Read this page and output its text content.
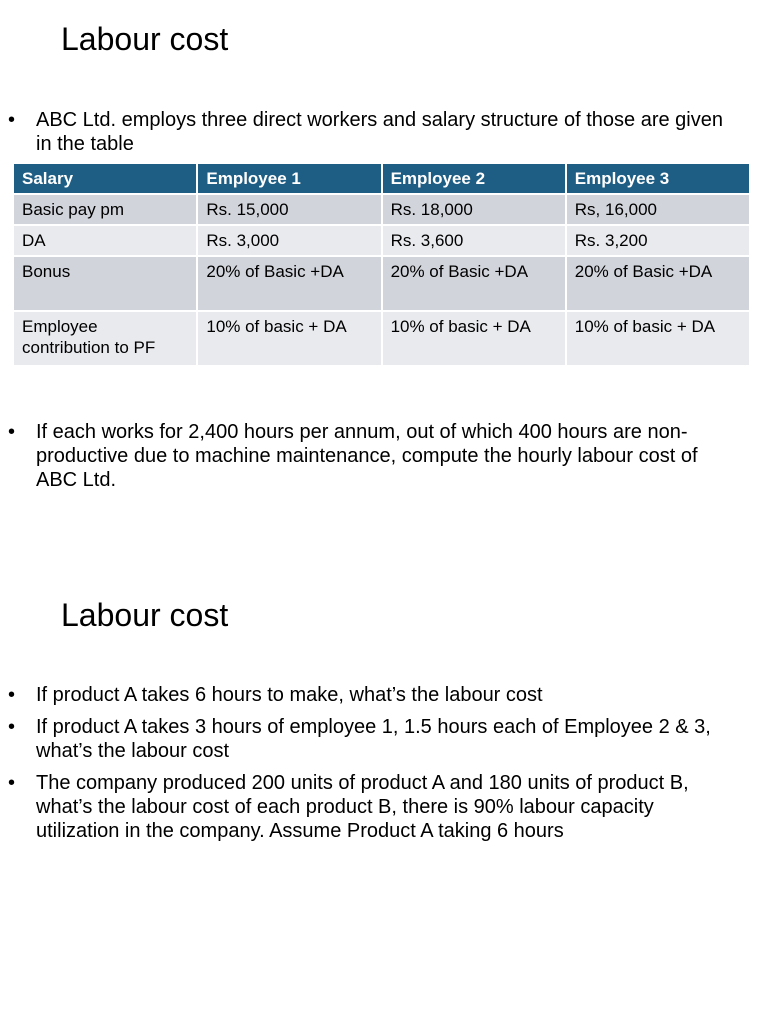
Labour cost
• ABC Ltd. employs three direct workers and salary structure of those are given in the table
Salary	Employee 1	Employee 2	Employee 3
Basic pay pm	Rs. 15,000	Rs. 18,000	Rs, 16,000
DA	Rs. 3,000	Rs. 3,600	Rs. 3,200
Bonus	20% of Basic +DA	20% of Basic +DA	20% of Basic +DA
Employee contribution to PF	10% of basic + DA	10% of basic + DA	10% of basic + DA
• If each works for 2,400 hours per annum, out of which 400 hours are non-productive due to machine maintenance, compute the hourly labour cost of ABC Ltd.
Labour cost
• If product A takes 6 hours to make, what’s the labour cost
• If product A takes 3 hours of employee 1, 1.5 hours each of Employee 2 & 3, what’s the labour cost
• The company produced 200 units of product A and 180 units of product B, what’s the labour cost of each product B, there is 90% labour capacity utilization in the company. Assume Product A taking 6 hours
